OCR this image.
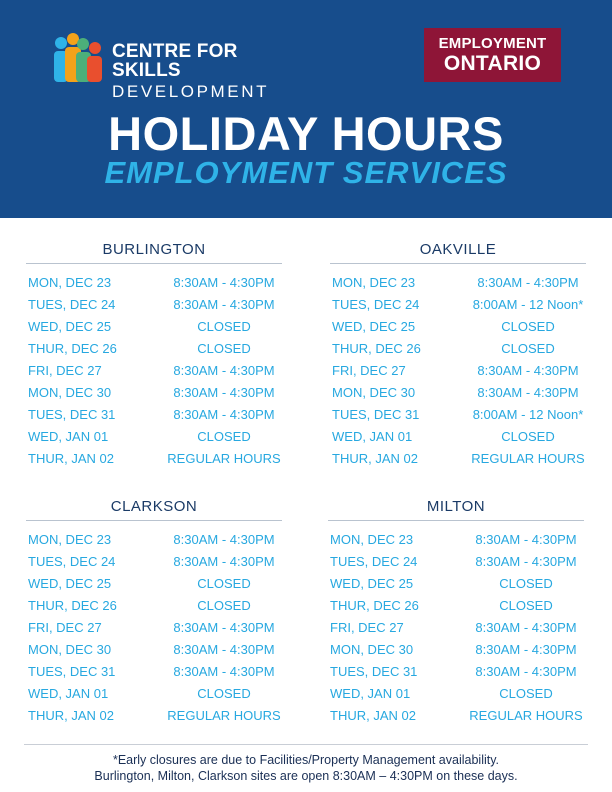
CENTRE FOR SKILLS
DEVELOPMENT
EMPLOYMENT
ONTARIO
HOLIDAY HOURS
EMPLOYMENT SERVICES
BURLINGTON
MON, DEC 23	8:30AM - 4:30PM
TUES, DEC 24	8:30AM - 4:30PM
WED, DEC 25	CLOSED
THUR, DEC 26	CLOSED
FRI, DEC 27	8:30AM - 4:30PM
MON, DEC 30	8:30AM - 4:30PM
TUES, DEC 31	8:30AM - 4:30PM
WED, JAN 01	CLOSED
THUR, JAN 02	REGULAR HOURS
OAKVILLE
MON, DEC 23	8:30AM - 4:30PM
TUES, DEC 24	8:00AM - 12 Noon*
WED, DEC 25	CLOSED
THUR, DEC 26	CLOSED
FRI, DEC 27	8:30AM - 4:30PM
MON, DEC 30	8:30AM - 4:30PM
TUES, DEC 31	8:00AM - 12 Noon*
WED, JAN 01	CLOSED
THUR, JAN 02	REGULAR HOURS
CLARKSON
MON, DEC 23	8:30AM - 4:30PM
TUES, DEC 24	8:30AM - 4:30PM
WED, DEC 25	CLOSED
THUR, DEC 26	CLOSED
FRI, DEC 27	8:30AM - 4:30PM
MON, DEC 30	8:30AM - 4:30PM
TUES, DEC 31	8:30AM - 4:30PM
WED, JAN 01	CLOSED
THUR, JAN 02	REGULAR HOURS
MILTON
MON, DEC 23	8:30AM - 4:30PM
TUES, DEC 24	8:30AM - 4:30PM
WED, DEC 25	CLOSED
THUR, DEC 26	CLOSED
FRI, DEC 27	8:30AM - 4:30PM
MON, DEC 30	8:30AM - 4:30PM
TUES, DEC 31	8:30AM - 4:30PM
WED, JAN 01	CLOSED
THUR, JAN 02	REGULAR HOURS
*Early closures are due to Facilities/Property Management availability.
Burlington, Milton, Clarkson sites are open 8:30AM – 4:30PM on these days.
